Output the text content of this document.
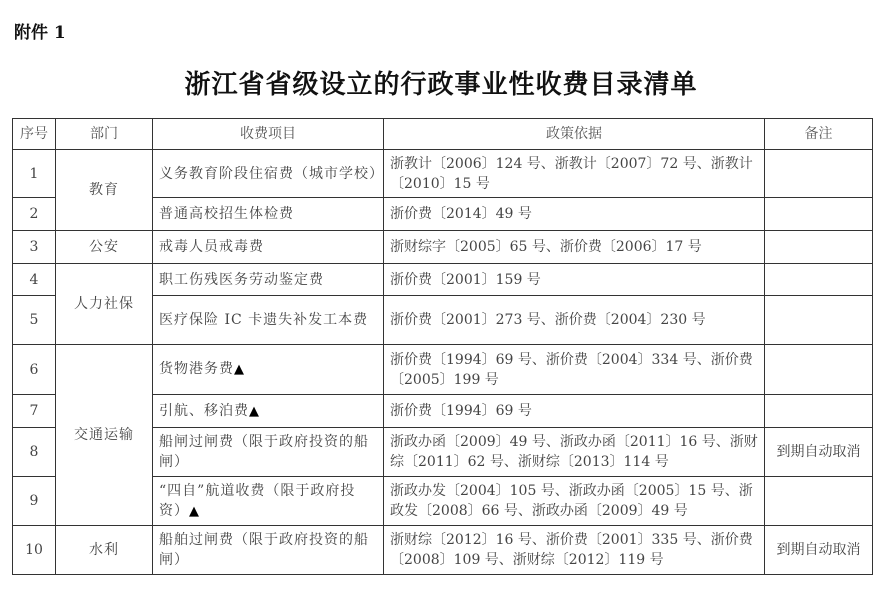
附件 1
浙江省省级设立的行政事业性收费目录清单
序号	部门	收费项目	政策依据	备注
1	教育	义务教育阶段住宿费（城市学校）	浙教计〔2006〕124 号、浙教计〔2007〕72 号、浙教计〔2010〕15 号	
2		普通高校招生体检费	浙价费〔2014〕49 号	
3	公安	戒毒人员戒毒费	浙财综字〔2005〕65 号、浙价费〔2006〕17 号	
4	人力社保	职工伤残医务劳动鉴定费	浙价费〔2001〕159 号	
5		医疗保险 IC 卡遗失补发工本费	浙价费〔2001〕273 号、浙价费〔2004〕230 号	
6	交通运输	货物港务费▲	浙价费〔1994〕69 号、浙价费〔2004〕334 号、浙价费〔2005〕199 号	
7		引航、移泊费▲	浙价费〔1994〕69 号	
8		船闸过闸费（限于政府投资的船闸）	浙政办函〔2009〕49 号、浙政办函〔2011〕16 号、浙财综〔2011〕62 号、浙财综〔2013〕114 号	到期自动取消
9		“四自”航道收费（限于政府投资）▲	浙政办发〔2004〕105 号、浙政办函〔2005〕15 号、浙政发〔2008〕66 号、浙政办函〔2009〕49 号	
10	水利	船舶过闸费（限于政府投资的船闸）	浙财综〔2012〕16 号、浙价费〔2001〕335 号、浙价费〔2008〕109 号、浙财综〔2012〕119 号	到期自动取消
